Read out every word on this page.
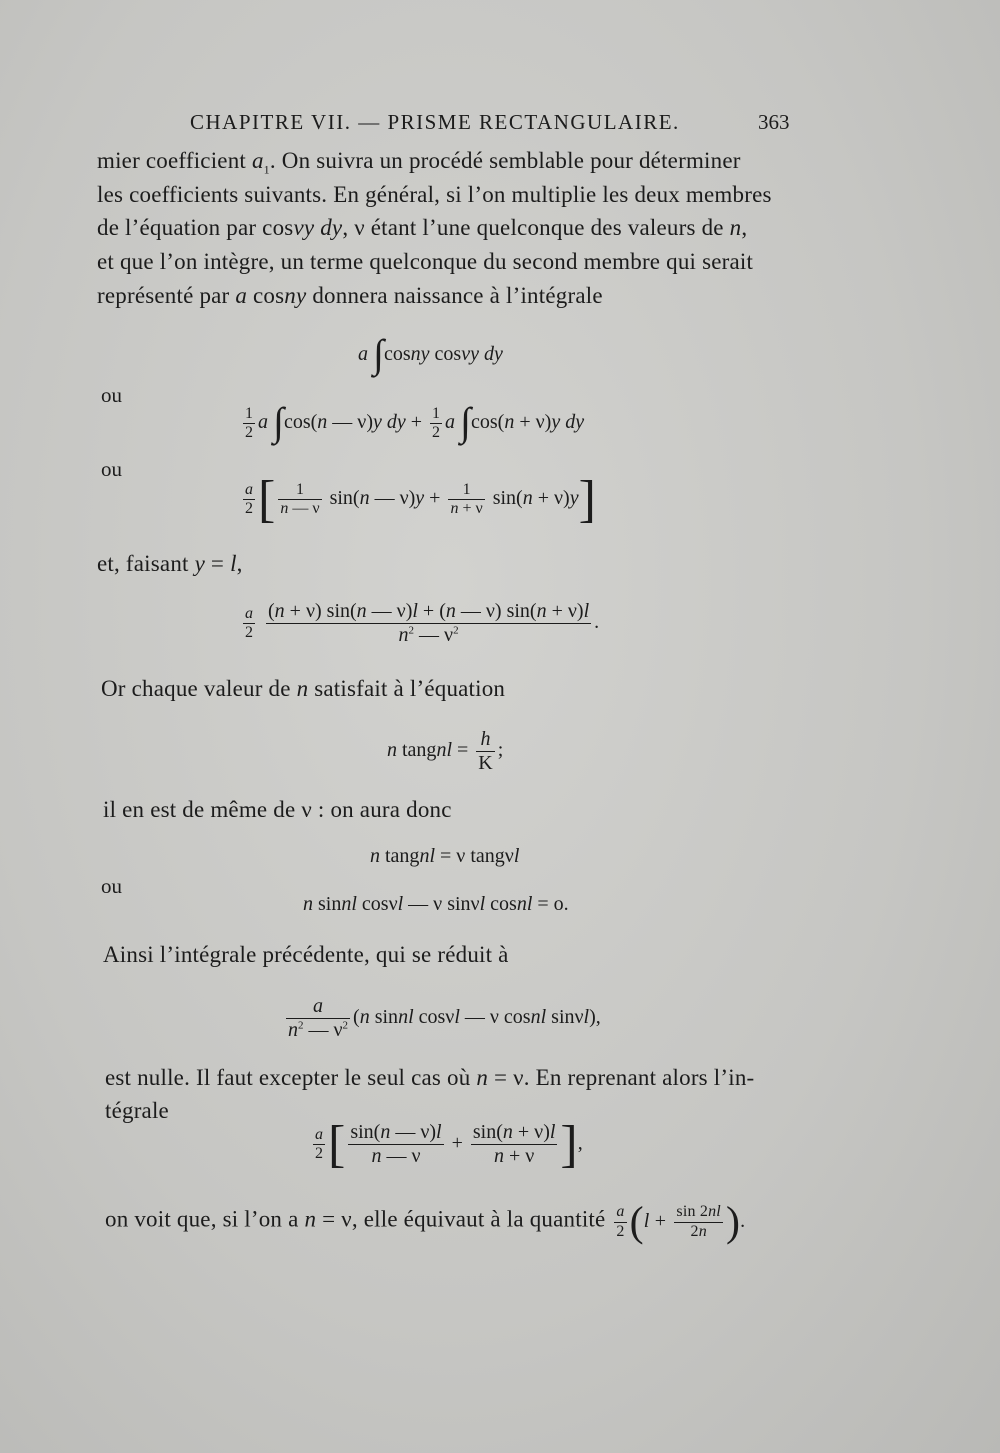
CHAPITRE VII. — PRISME RECTANGULAIRE.	363
mier coefficient $a_1$. On suivra un procédé semblable pour déterminer
les coefficients suivants. En général, si l’on multiplie les deux membres
de l’équation par cosνy dy, ν étant l’une quelconque des valeurs de n,
et que l’on intègre, un terme quelconque du second membre qui serait
représenté par a cosny donnera naissance à l’intégrale
a ∫cosny cosνy dy
ou
$\frac{1}{2}$ a ∫cos(n — ν)y dy + $\frac{1}{2}$ a ∫cos(n + ν)y dy
ou
$\frac{a}{2}$ [ $\frac{1}{n — \nu} \sin(n$ — $\nu)y + \frac{1}{n + \nu} \sin(n + \nu)y$]
et, faisant y = l,
$\frac{a}{2}$
$\frac{(n + \nu) \sin(n — \nu)l + (n — \nu) \sin(n + \nu)l}{n^2 — \nu^2}$ .
Or chaque valeur de n satisfait à l’équation
n tangnl = $\frac{h}{K}$ ;
il en est de même de ν : on aura donc
n tangnl = ν tangνl
ou
n sinnl cosνl — ν sinνl cosnl = o.
Ainsi l’intégrale précédente, qui se réduit à
$\frac{a}{n^2 — \nu^2} (n$ sinnl cosνl — ν cosnl sinνl),
est nulle. Il faut excepter le seul cas où n = ν. En reprenant alors l’in-
tégrale
$\frac{a}{2}$ [ $\frac{\sin(n — \nu)l}{n — \nu} + \frac{\sin(n + \nu)l}{n + \nu}$ ],
on voit que, si l’on a n = ν, elle équivaut à la quantité $\frac{a}{2} (l + \frac{\sin 2nl}{2n}$ ).
